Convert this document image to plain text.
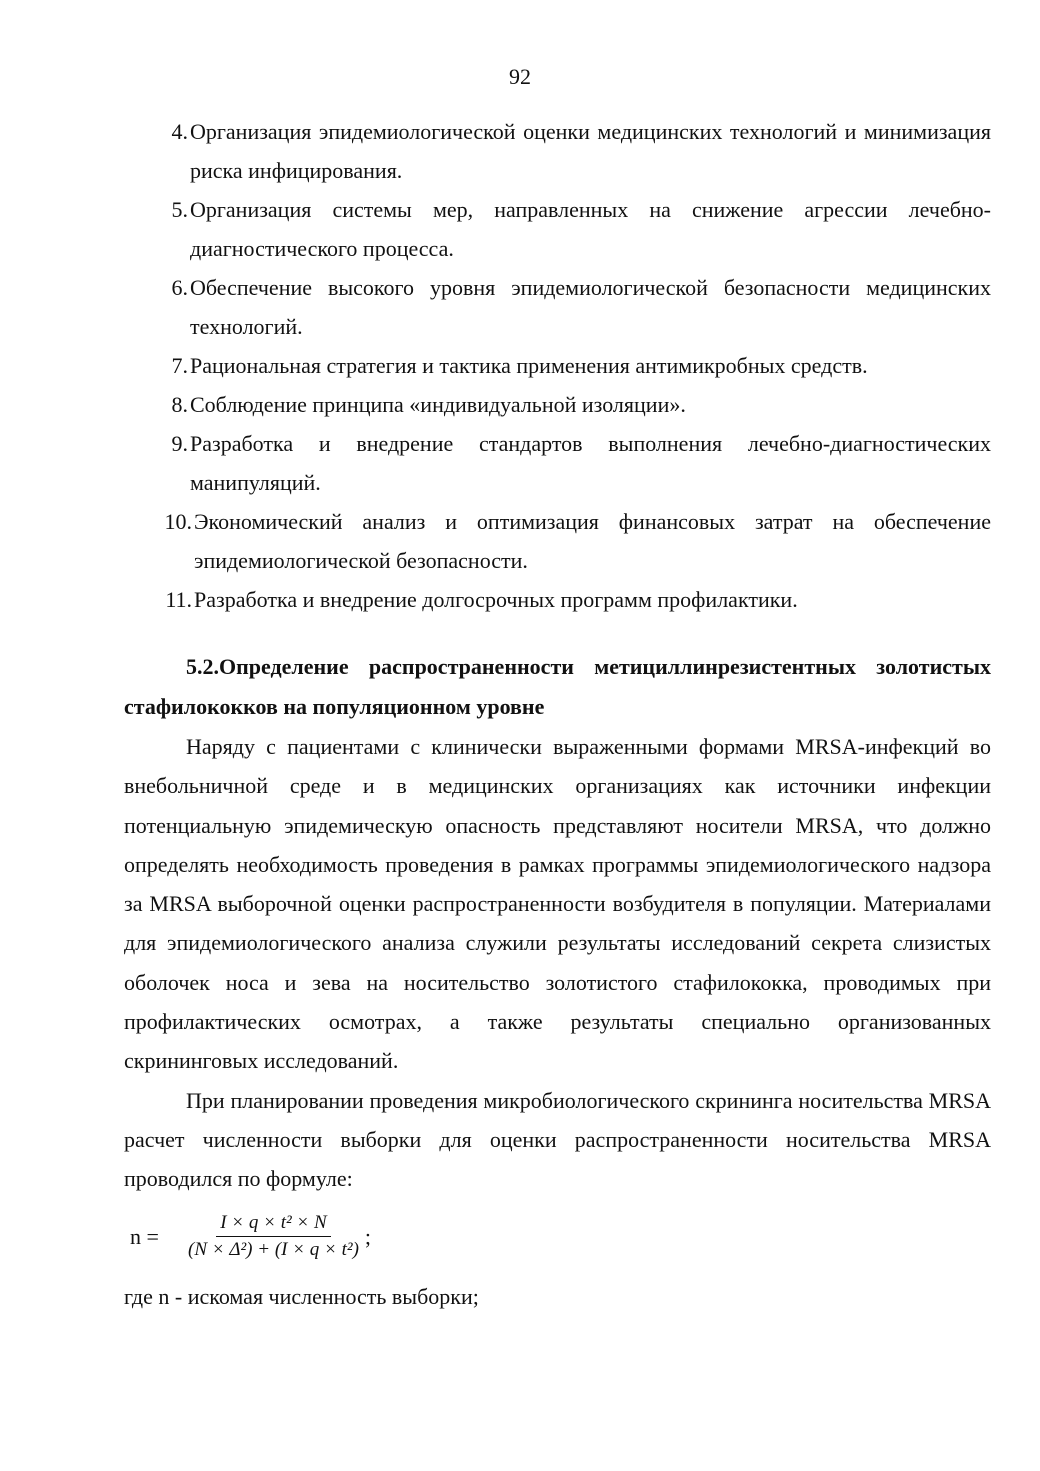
92
4. Организация эпидемиологической оценки медицинских технологий и минимизация риска инфицирования.
5. Организация системы мер, направленных на снижение агрессии лечебно-диагностического процесса.
6. Обеспечение высокого уровня эпидемиологической безопасности медицинских технологий.
7. Рациональная стратегия и тактика применения антимикробных средств.
8. Соблюдение принципа «индивидуальной изоляции».
9. Разработка и внедрение стандартов выполнения лечебно-диагностических манипуляций.
10. Экономический анализ и оптимизация финансовых затрат на обеспечение эпидемиологической безопасности.
11. Разработка и внедрение долгосрочных программ профилактики.
5.2.Определение распространенности метициллинрезистентных золотистых стафилококков на популяционном уровне

Наряду с пациентами с клинически выраженными формами MRSA-инфекций во внебольничной среде и в медицинских организациях как источники инфекции потенциальную эпидемическую опасность представляют носители MRSA, что должно определять необходимость проведения в рамках программы эпидемиологического надзора за MRSA выборочной оценки распространенности возбудителя в популяции. Материалами для эпидемиологического анализа служили результаты исследований секрета слизистых оболочек носа и зева на носительство золотистого стафилококка, проводимых при профилактических осмотрах, а также результаты специально организованных скрининговых исследований.

При планировании проведения микробиологического скрининга носительства MRSA расчет численности выборки для оценки распространенности носительства MRSA проводился по формуле:

n =	$\frac{\text{I × q × t² × N}}{\text{(N × Δ²) + (I × q × t²)}}$ ;
где n - искомая численность выборки;
